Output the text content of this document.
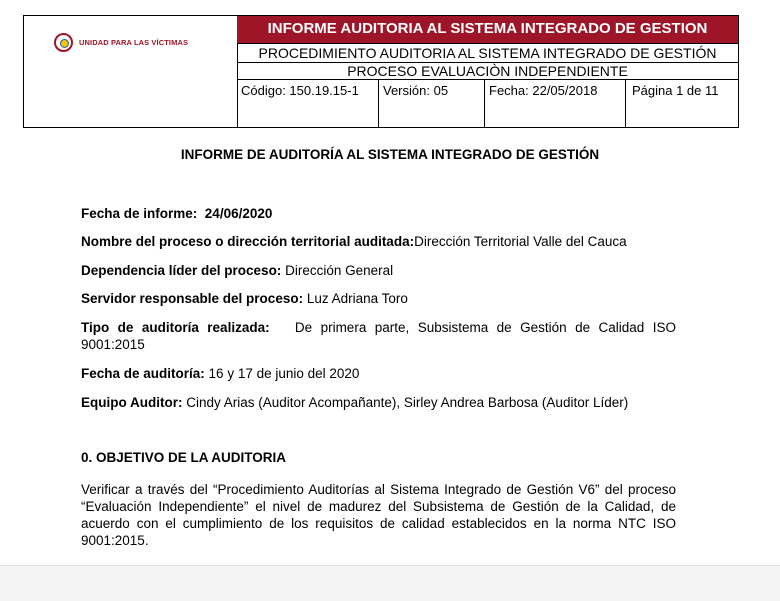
UNIDAD PARA LAS VÍCTIMAS
INFORME AUDITORIA AL SISTEMA INTEGRADO DE GESTION
PROCEDIMIENTO AUDITORIA AL SISTEMA INTEGRADO DE GESTIÓN
PROCESO EVALUACIÒN INDEPENDIENTE
Código: 150.19.15-1	Versión: 05	Fecha: 22/05/2018	Página 1 de 11
INFORME DE AUDITORÍA AL SISTEMA INTEGRADO DE GESTIÓN
Fecha de informe: 24/06/2020
Nombre del proceso o dirección territorial auditada:Dirección Territorial Valle del Cauca
Dependencia líder del proceso: Dirección General
Servidor responsable del proceso: Luz Adriana Toro
Tipo de auditoría realizada: De primera parte, Subsistema de Gestión de Calidad ISO 9001:2015
Fecha de auditoría: 16 y 17 de junio del 2020
Equipo Auditor: Cindy Arias (Auditor Acompañante), Sirley Andrea Barbosa (Auditor Líder)
0. OBJETIVO DE LA AUDITORIA
Verificar a través del “Procedimiento Auditorías al Sistema Integrado de Gestión V6” del proceso “Evaluación Independiente” el nivel de madurez del Subsistema de Gestión de la Calidad, de acuerdo con el cumplimiento de los requisitos de calidad establecidos en la norma NTC ISO 9001:2015.
